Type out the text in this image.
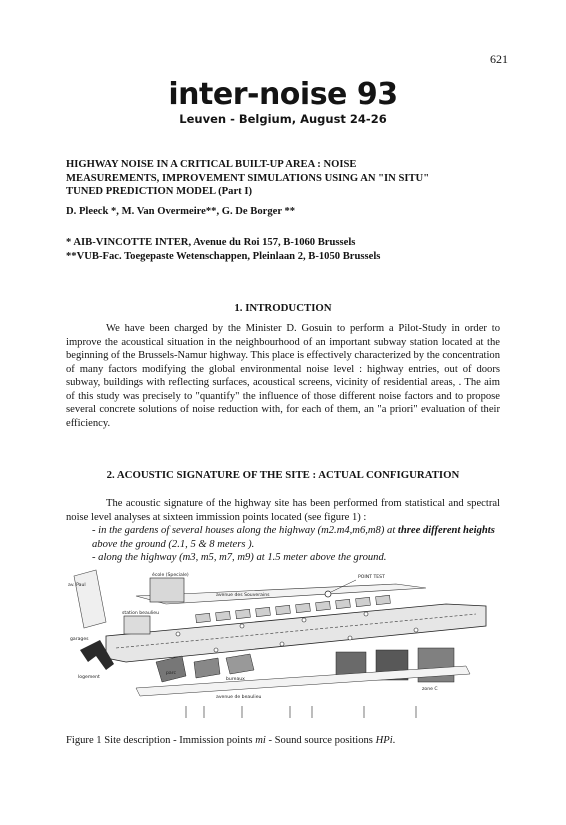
621
inter-noise 93
Leuven - Belgium, August 24-26
HIGHWAY NOISE IN A CRITICAL BUILT-UP AREA : NOISE
MEASUREMENTS, IMPROVEMENT SIMULATIONS USING AN "IN SITU"
TUNED PREDICTION MODEL (Part I)
D. Pleeck *, M. Van Overmeire**, G. De Borger **
* AIB-VINCOTTE INTER, Avenue du Roi 157, B-1060 Brussels
**VUB-Fac. Toegepaste Wetenschappen, Pleinlaan 2, B-1050 Brussels
1. INTRODUCTION
We have been charged by the Minister D. Gosuin to perform a Pilot-Study in order to improve the acoustical situation in the neighbourhood of an important subway station located at the beginning of the Brussels-Namur highway. This place is effectively characterized by the concentration of many factors modifying the global environmental noise level : highway entries, out of doors subway, buildings with reflecting surfaces, acoustical screens, vicinity of residential areas, . The aim of this study was precisely to "quantify" the influence of those different noise factors and to propose several concrete solutions of noise reduction with, for each of them, an "a priori" evaluation of their efficiency.
2. ACOUSTIC SIGNATURE OF THE SITE : ACTUAL CONFIGURATION
The acoustic signature of the highway site has been performed from statistical and spectral noise level analyses at sixteen immission points located (see figure 1) :
- in the gardens of several houses along the highway (m2.m4,m6,m8) at three different heights above the ground (2.1, 5 & 8 meters ).
- along the highway (m3, m5, m7, m9) at 1.5 meter above the ground.
POINT TEST
avenue des Souverains
station beaulieu
école (Speciale)
bureaux
parc
logement
avenue de beaulieu
zone C
garages
av. Paul
Figure 1 Site description - Immission points mi - Sound source positions HPi.
